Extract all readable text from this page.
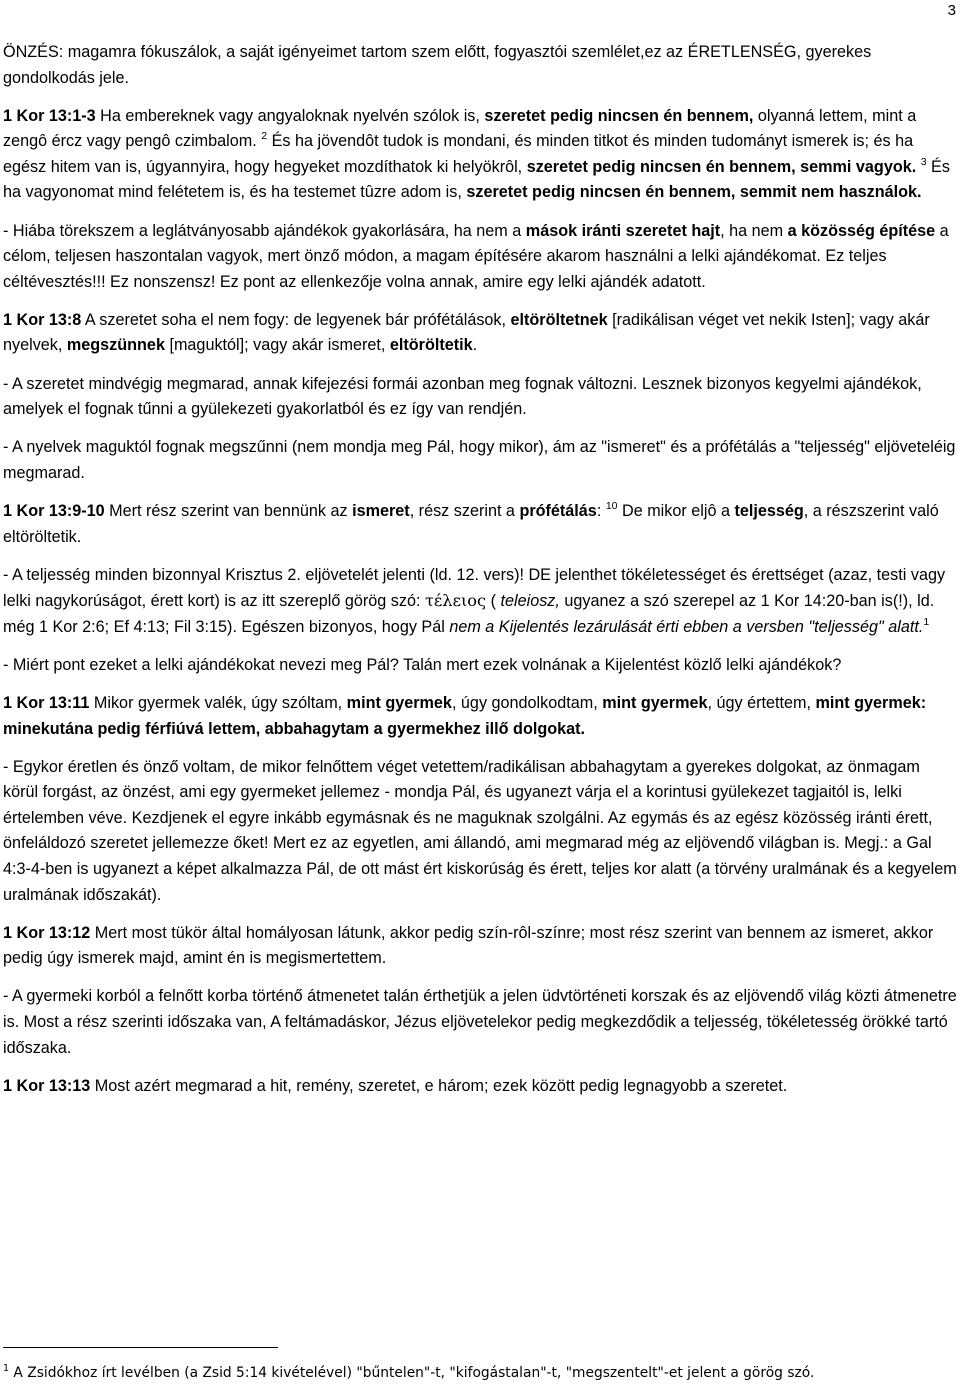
3

ÖNZÉS: magamra fókuszálok, a saját igényeimet tartom szem előtt, fogyasztói szemlélet,ez az ÉRETLENSÉG, gyerekes gondolkodás jele.

1 Kor 13:1-3 Ha embereknek vagy angyaloknak nyelvén szólok is, szeretet pedig nincsen én bennem, olyanná lettem, mint a zengô ércz vagy pengô czimbalom. $^2$ És ha jövendôt tudok is mondani, és minden titkot és minden tudományt ismerek is; és ha egész hitem van is, úgyannyira, hogy hegyeket mozdíthatok ki helyökrôl, szeretet pedig nincsen én bennem, semmi vagyok. $^3$ És ha vagyonomat mind felétetem is, és ha testemet tûzre adom is, szeretet pedig nincsen én bennem, semmit nem használok.

- Hiába törekszem a leglátványosabb ajándékok gyakorlására, ha nem a mások iránti szeretet hajt, ha nem a közösség építése a célom, teljesen haszontalan vagyok, mert önző módon, a magam építésére akarom használni a lelki ajándékomat. Ez teljes céltévesztés!!! Ez nonszensz! Ez pont az ellenkezője volna annak, amire egy lelki ajándék adatott.

1 Kor 13:8 A szeretet soha el nem fogy: de legyenek bár prófétálások, eltöröltetnek [radikálisan véget vet nekik Isten]; vagy akár nyelvek, megszünnek [maguktól]; vagy akár ismeret, eltöröltetik.

- A szeretet mindvégig megmarad, annak kifejezési formái azonban meg fognak változni. Lesznek bizonyos kegyelmi ajándékok, amelyek el fognak tűnni a gyülekezeti gyakorlatból és ez így van rendjén.

- A nyelvek maguktól fognak megszűnni (nem mondja meg Pál, hogy mikor), ám az "ismeret" és a prófétálás a "teljesség" eljöveteléig megmarad.

1 Kor 13:9-10 Mert rész szerint van bennünk az ismeret, rész szerint a prófétálás: $^{10}$ De mikor eljô a teljesség, a részszerint való eltöröltetik.

- A teljesség minden bizonnyal Krisztus 2. eljövetelét jelenti (ld. 12. vers)! DE jelenthet tökéletességet és érettséget (azaz, testi vagy lelki nagykorúságot, érett kort) is az itt szereplő görög szó: τέλειος ( teleiosz, ugyanez a szó szerepel az 1 Kor 14:20-ban is(!), ld. még 1 Kor 2:6; Ef 4:13; Fil 3:15). Egészen bizonyos, hogy Pál nem a Kijelentés lezárulását érti ebben a versben "teljesség" alatt.$^1$

- Miért pont ezeket a lelki ajándékokat nevezi meg Pál? Talán mert ezek volnának a Kijelentést közlő lelki ajándékok?

1 Kor 13:11 Mikor gyermek valék, úgy szóltam, mint gyermek, úgy gondolkodtam, mint gyermek, úgy értettem, mint gyermek: minekutána pedig férfiúvá lettem, abbahagytam a gyermekhez illő dolgokat.

- Egykor éretlen és önző voltam, de mikor felnőttem véget vetettem/radikálisan abbahagytam a gyerekes dolgokat, az önmagam körül forgást, az önzést, ami egy gyermeket jellemez - mondja Pál, és ugyanezt várja el a korintusi gyülekezet tagjaitól is, lelki értelemben véve. Kezdjenek el egyre inkább egymásnak és ne maguknak szolgálni. Az egymás és az egész közösség iránti érett, önfeláldozó szeretet jellemezze őket! Mert ez az egyetlen, ami állandó, ami megmarad még az eljövendő világban is. Megj.: a Gal 4:3-4-ben is ugyanezt a képet alkalmazza Pál, de ott mást ért kiskorúság és érett, teljes kor alatt (a törvény uralmának és a kegyelem uralmának időszakát).

1 Kor 13:12 Mert most tükör által homályosan látunk, akkor pedig szín-rôl-színre; most rész szerint van bennem az ismeret, akkor pedig úgy ismerek majd, amint én is megismertettem.

- A gyermeki korból a felnőtt korba történő átmenetet talán érthetjük a jelen üdvtörténeti korszak és az eljövendő világ közti átmenetre is. Most a rész szerinti időszaka van, A feltámadáskor, Jézus eljövetelekor pedig megkezdődik a teljesség, tökéletesség örökké tartó időszaka.

1 Kor 13:13 Most azért megmarad a hit, remény, szeretet, e három; ezek között pedig legnagyobb a szeretet.

$^1$ A Zsidókhoz írt levélben (a Zsid 5:14 kivételével) "bűntelen"-t, "kifogástalan"-t, "megszentelt"-et jelent a görög szó.
